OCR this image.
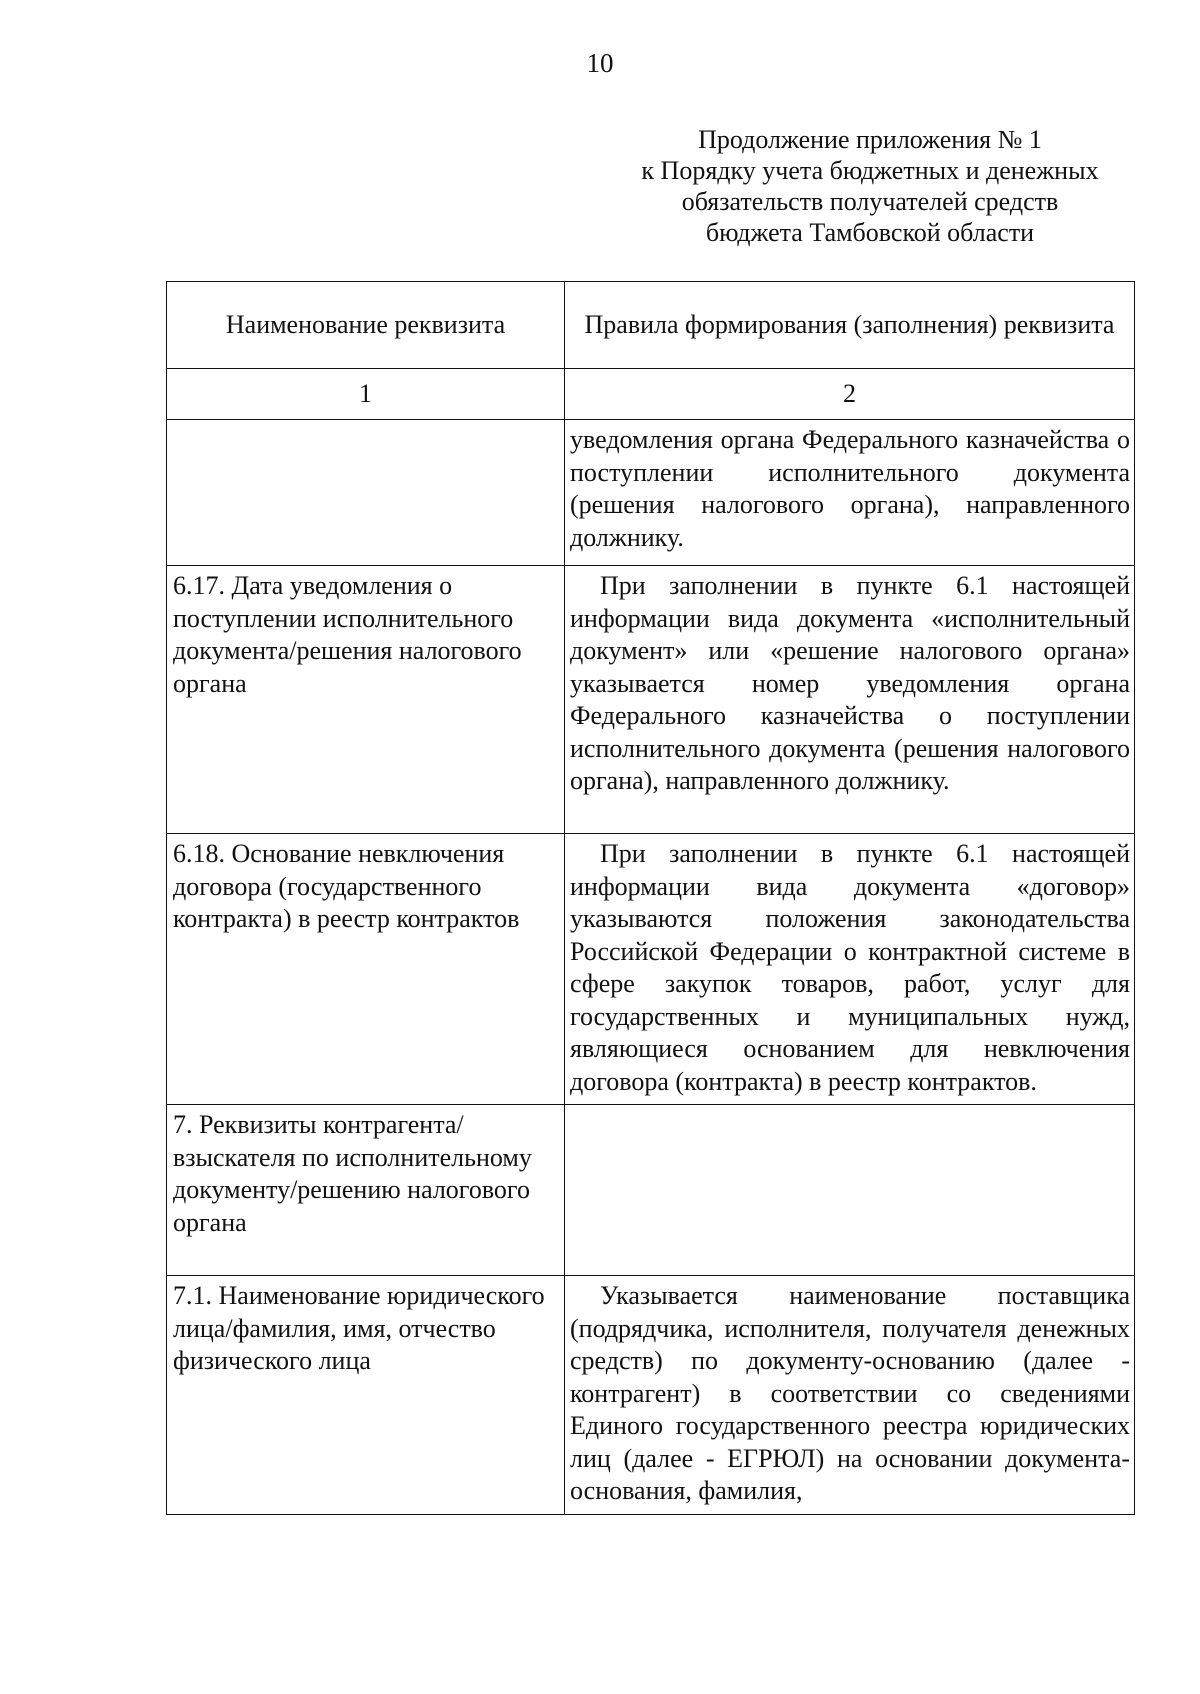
10
Продолжение приложения № 1
к Порядку учета бюджетных и денежных
обязательств получателей средств
бюджета Тамбовской области
Наименование реквизита	Правила формирования (заполнения) реквизита
1	2

	уведомления органа Федерального казначейства о поступлении исполнительного документа (решения налогового органа), направленного должнику.

6.17. Дата уведомления о поступлении исполнительного документа/решения налогового органа	При заполнении в пункте 6.1 настоящей информации вида документа «исполнительный документ» или «решение налогового органа» указывается номер уведомления органа Федерального казначейства о поступлении исполнительного документа (решения налогового органа), направленного должнику.

6.18. Основание невключения договора (государственного контракта) в реестр контрактов	При заполнении в пункте 6.1 настоящей информации вида документа «договор» указываются положения законодательства Российской Федерации о контрактной системе в сфере закупок товаров, работ, услуг для государственных и муниципальных нужд, являющиеся основанием для невключения договора (контракта) в реестр контрактов.

7. Реквизиты контрагента/взыскателя по исполнительному документу/решению налогового органа	

7.1. Наименование юридического лица/фамилия, имя, отчество физического лица	Указывается наименование поставщика (подрядчика, исполнителя, получателя денежных средств) по документу-основанию (далее - контрагент) в соответствии со сведениями Единого государственного реестра юридических лиц (далее - ЕГРЮЛ) на основании документа-основания, фамилия,
